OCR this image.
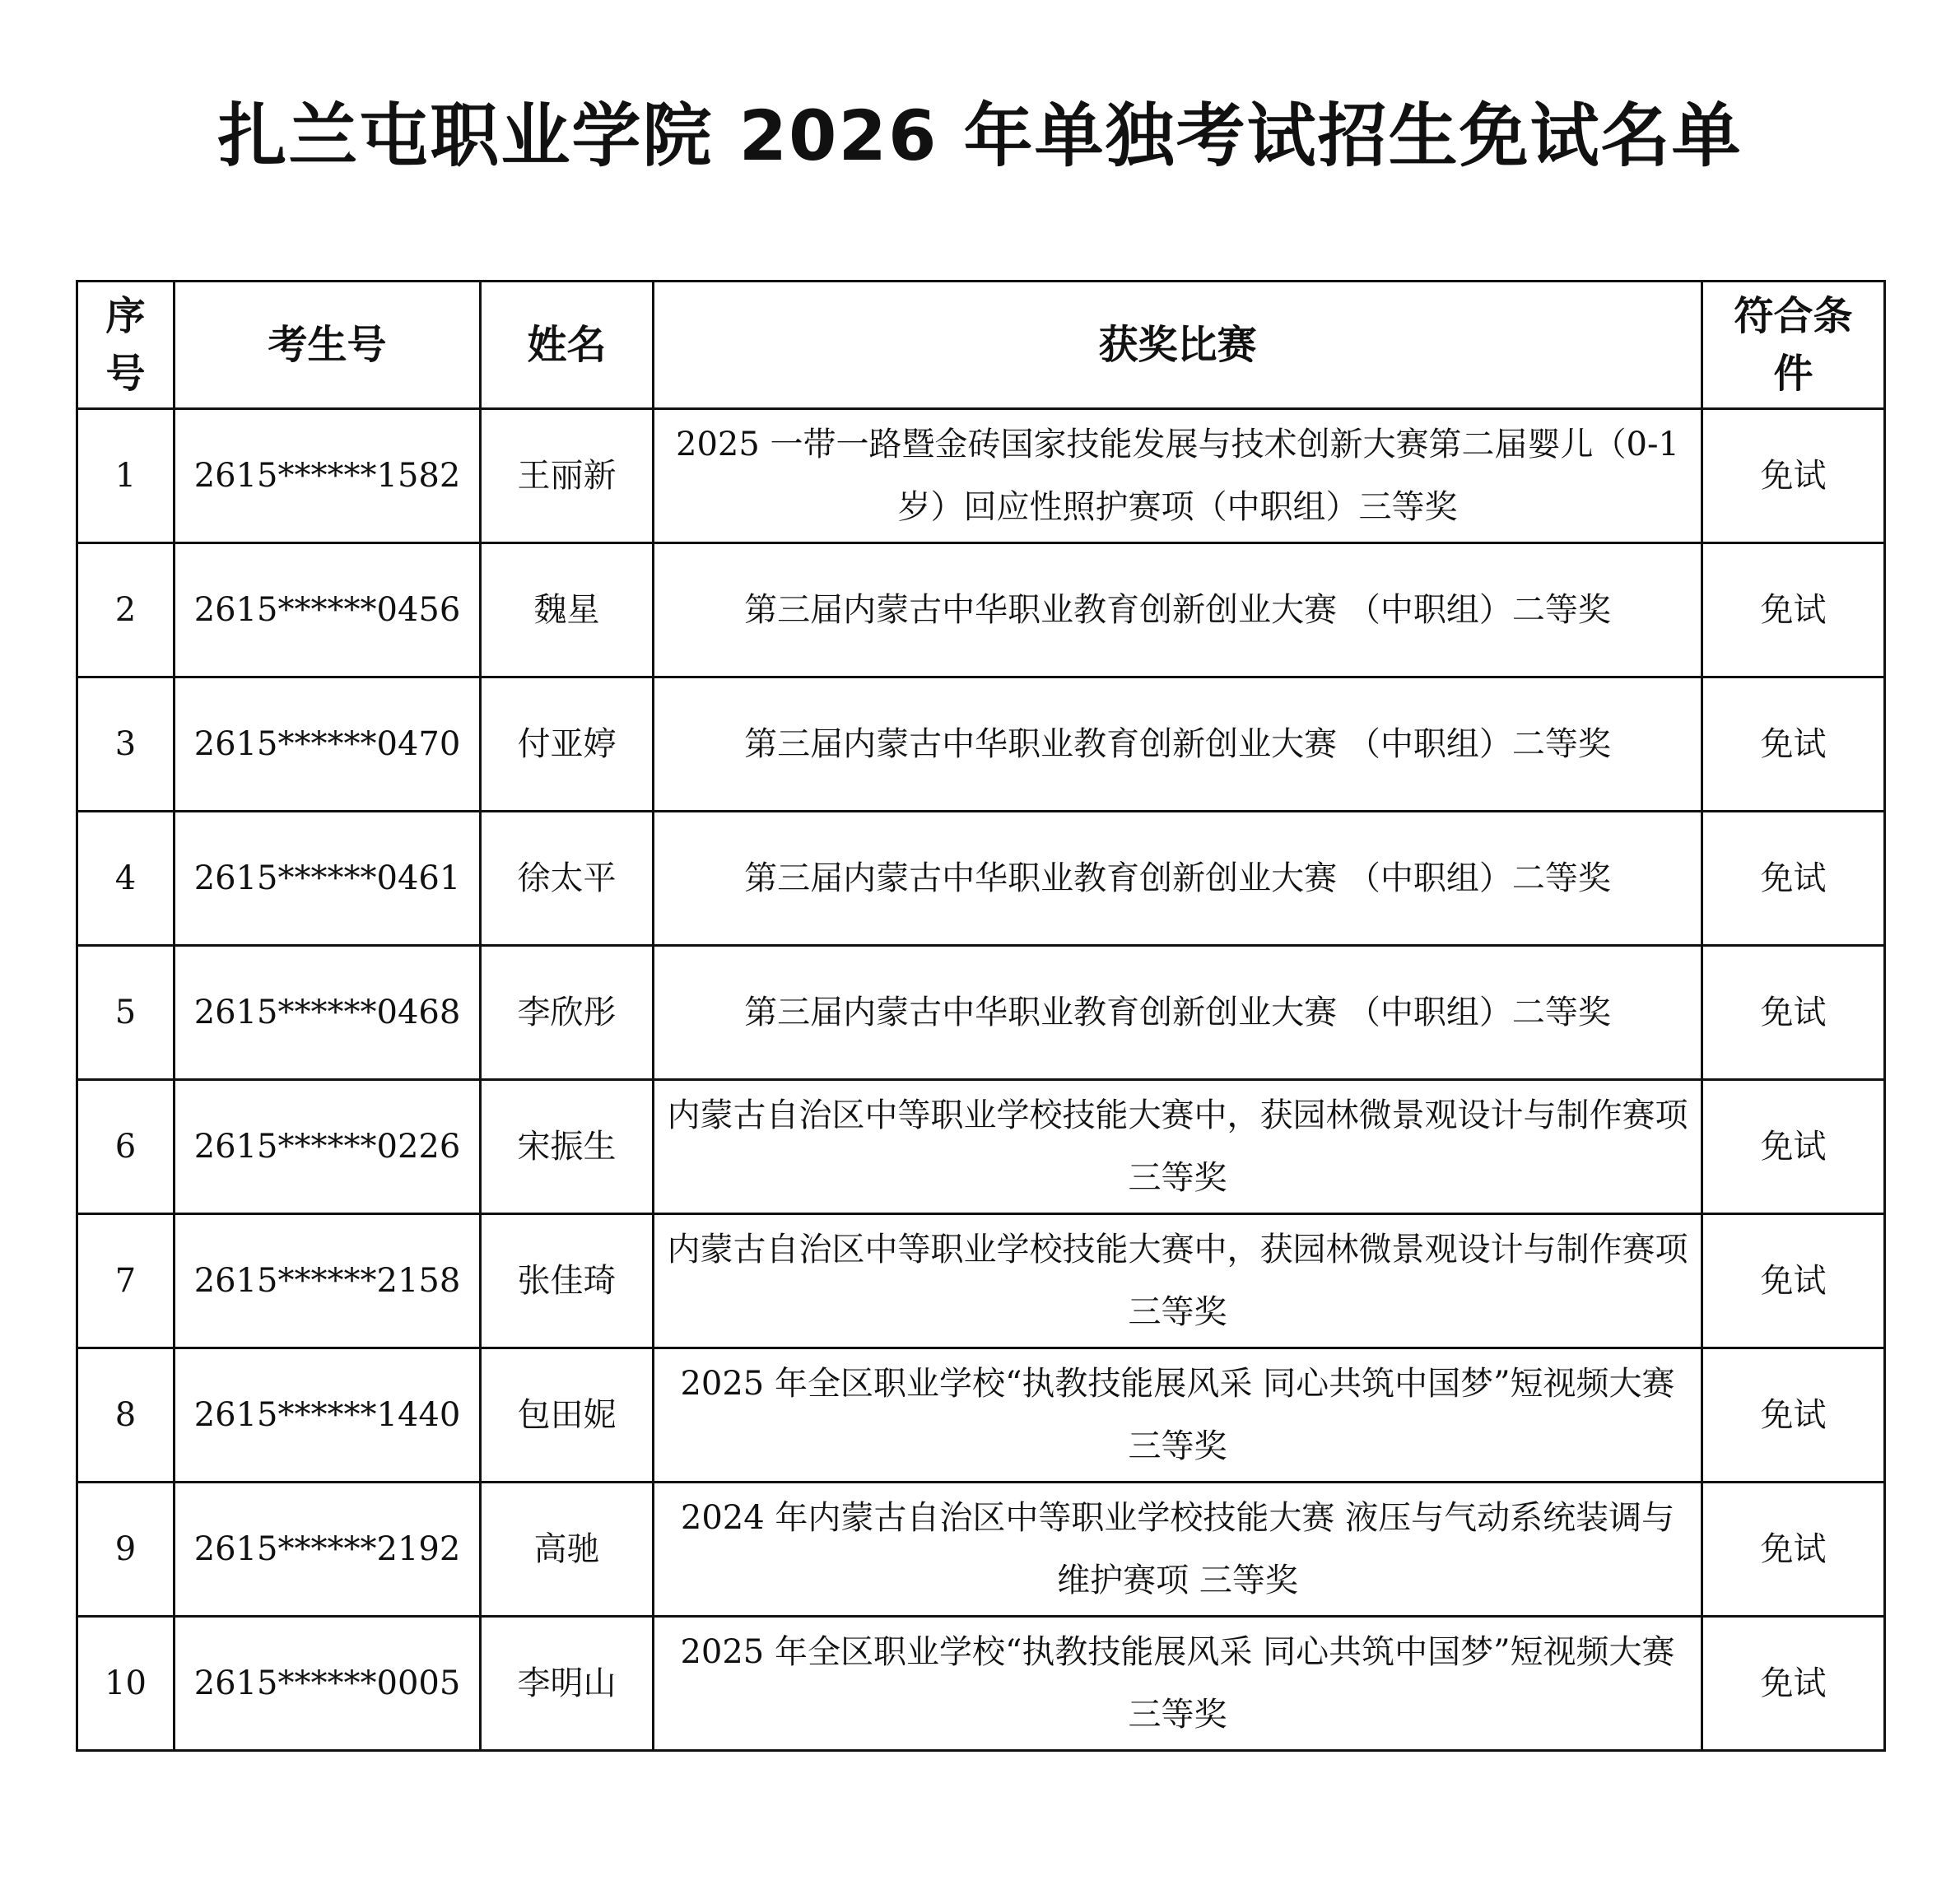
扎兰屯职业学院 2026 年单独考试招生免试名单
序号	考生号	姓名	获奖比赛	符合条件
1	2615******1582	王丽新	2025 一带一路暨金砖国家技能发展与技术创新大赛第二届婴儿（0-1 岁）回应性照护赛项（中职组）三等奖	免试
2	2615******0456	魏星	第三届内蒙古中华职业教育创新创业大赛 （中职组）二等奖	免试
3	2615******0470	付亚婷	第三届内蒙古中华职业教育创新创业大赛 （中职组）二等奖	免试
4	2615******0461	徐太平	第三届内蒙古中华职业教育创新创业大赛 （中职组）二等奖	免试
5	2615******0468	李欣彤	第三届内蒙古中华职业教育创新创业大赛 （中职组）二等奖	免试
6	2615******0226	宋振生	内蒙古自治区中等职业学校技能大赛中，获园林微景观设计与制作赛项 三等奖	免试
7	2615******2158	张佳琦	内蒙古自治区中等职业学校技能大赛中，获园林微景观设计与制作赛项 三等奖	免试
8	2615******1440	包田妮	2025 年全区职业学校“执教技能展风采 同心共筑中国梦”短视频大赛 三等奖	免试
9	2615******2192	高驰	2024 年内蒙古自治区中等职业学校技能大赛 液压与气动系统装调与维护赛项 三等奖	免试
10	2615******0005	李明山	2025 年全区职业学校“执教技能展风采 同心共筑中国梦”短视频大赛 三等奖	免试
